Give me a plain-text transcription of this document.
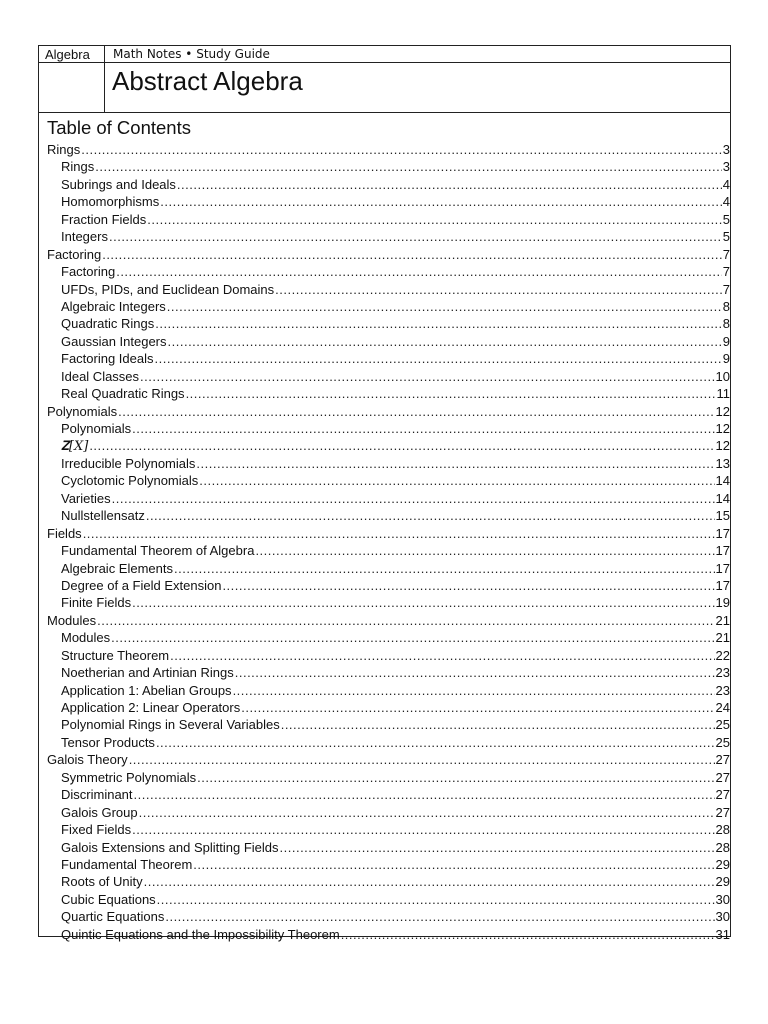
Algebra Math Notes • Study Guide
Abstract Algebra
Table of Contents
Rings .....	3
Rings .....	3
Subrings and Ideals .....	4
Homomorphisms .....	4
Fraction Fields .....	5
Integers .....	5
Factoring .....	7
Factoring .....	7
UFDs, PIDs, and Euclidean Domains .....	7
Algebraic Integers .....	8
Quadratic Rings .....	8
Gaussian Integers .....	9
Factoring Ideals .....	9
Ideal Classes .....	10
Real Quadratic Rings .....	11
Polynomials .....	12
Polynomials .....	12
𝐙[𝑋] .....	12
Irreducible Polynomials .....	13
Cyclotomic Polynomials .....	14
Varieties .....	14
Nullstellensatz .....	15
Fields .....	17
Fundamental Theorem of Algebra .....	17
Algebraic Elements .....	17
Degree of a Field Extension .....	17
Finite Fields .....	19
Modules .....	21
Modules .....	21
Structure Theorem .....	22
Noetherian and Artinian Rings .....	23
Application 1: Abelian Groups .....	23
Application 2: Linear Operators .....	24
Polynomial Rings in Several Variables .....	25
Tensor Products .....	25
Galois Theory .....	27
Symmetric Polynomials .....	27
Discriminant .....	27
Galois Group .....	27
Fixed Fields .....	28
Galois Extensions and Splitting Fields .....	28
Fundamental Theorem .....	29
Roots of Unity .....	29
Cubic Equations .....	30
Quartic Equations .....	30
Quintic Equations and the Impossibility Theorem .....	31
